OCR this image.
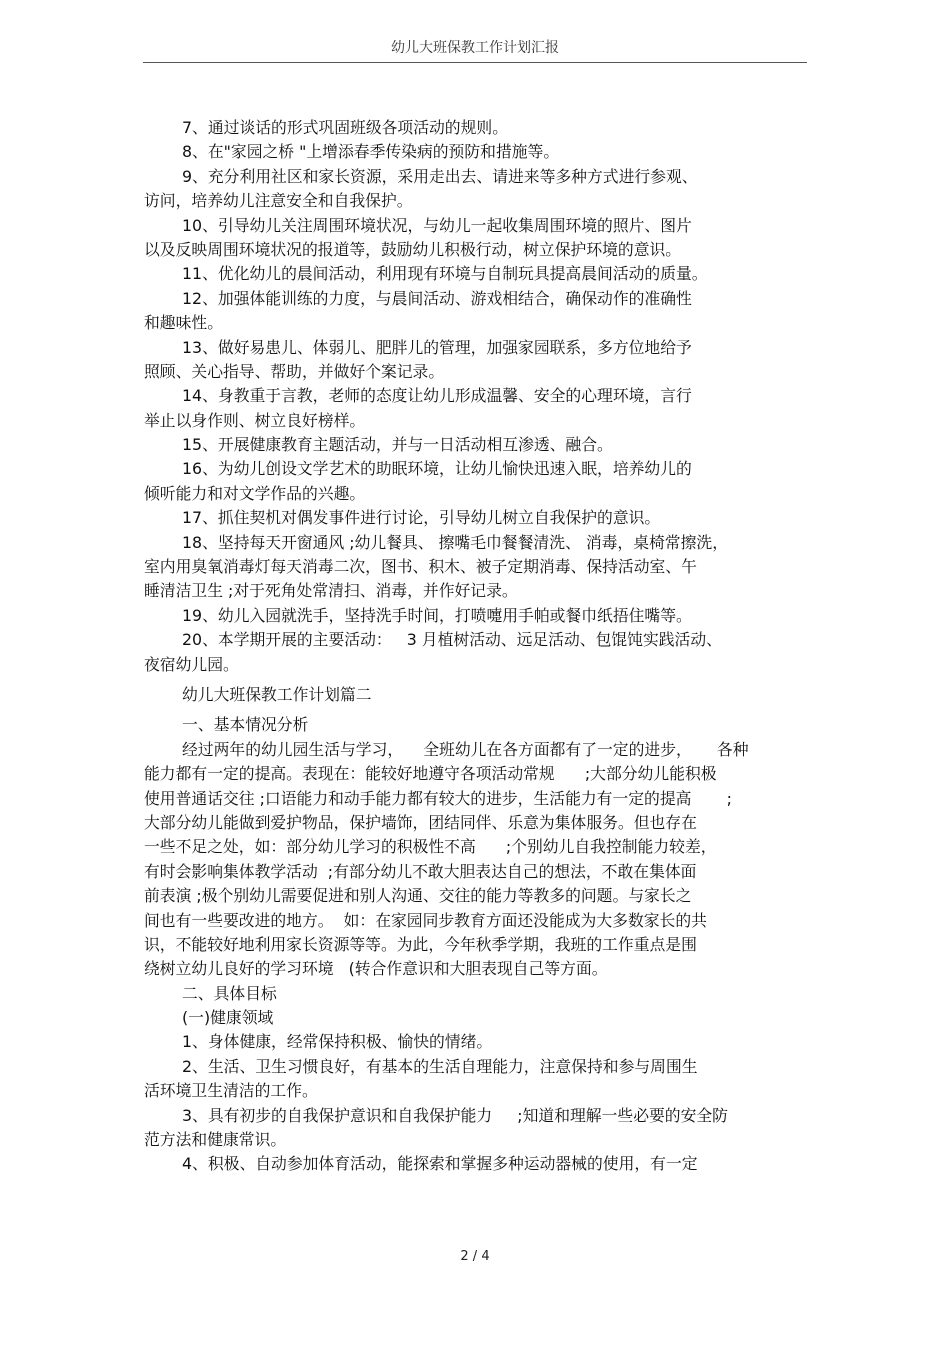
幼儿大班保教工作计划汇报
7、通过谈话的形式巩固班级各项活动的规则。
8、在"家园之桥 "上增添春季传染病的预防和措施等。
9、充分利用社区和家长资源，采用走出去、请进来等多种方式进行参观、
访问，培养幼儿注意安全和自我保护。
10、引导幼儿关注周围环境状况，与幼儿一起收集周围环境的照片、图片
以及反映周围环境状况的报道等，鼓励幼儿积极行动，树立保护环境的意识。
11、优化幼儿的晨间活动，利用现有环境与自制玩具提高晨间活动的质量。
12、加强体能训练的力度，与晨间活动、游戏相结合，确保动作的准确性
和趣味性。
13、做好易患儿、体弱儿、肥胖儿的管理，加强家园联系，多方位地给予
照顾、关心指导、帮助，并做好个案记录。
14、身教重于言教，老师的态度让幼儿形成温馨、安全的心理环境，言行
举止以身作则、树立良好榜样。
15、开展健康教育主题活动，并与一日活动相互渗透、融合。
16、为幼儿创设文学艺术的助眠环境，让幼儿愉快迅速入眠，培养幼儿的
倾听能力和对文学作品的兴趣。
17、抓住契机对偶发事件进行讨论，引导幼儿树立自我保护的意识。
18、坚持每天开窗通风 ;幼儿餐具、 擦嘴毛巾餐餐清洗、 消毒，桌椅常擦洗，
室内用臭氧消毒灯每天消毒二次，图书、积木、被子定期消毒、保持活动室、午
睡清洁卫生 ;对于死角处常清扫、消毒，并作好记录。
19、幼儿入园就洗手，坚持洗手时间，打喷嚏用手帕或餐巾纸捂住嘴等。
20、本学期开展的主要活动：   3 月植树活动、远足活动、包馄饨实践活动、
夜宿幼儿园。
幼儿大班保教工作计划篇二
一、基本情况分析
经过两年的幼儿园生活与学习，    全班幼儿在各方面都有了一定的进步，     各种
能力都有一定的提高。表现在：能较好地遵守各项活动常规      ;大部分幼儿能积极
使用普通话交往 ;口语能力和动手能力都有较大的进步，生活能力有一定的提高       ;
大部分幼儿能做到爱护物品，保护墙饰，团结同伴、乐意为集体服务。但也存在
一些不足之处，如：部分幼儿学习的积极性不高      ;个别幼儿自我控制能力较差，
有时会影响集体教学活动  ;有部分幼儿不敢大胆表达自己的想法，不敢在集体面
前表演 ;极个别幼儿需要促进和别人沟通、交往的能力等教多的问题。与家长之
间也有一些要改进的地方。  如：在家园同步教育方面还没能成为大多数家长的共
识，不能较好地利用家长资源等等。为此，今年秋季学期，我班的工作重点是围
绕树立幼儿良好的学习环境   (转合作意识和大胆表现自己等方面。
二、具体目标
(一)健康领域
1、身体健康，经常保持积极、愉快的情绪。
2、生活、卫生习惯良好，有基本的生活自理能力，注意保持和参与周围生
活环境卫生清洁的工作。
3、具有初步的自我保护意识和自我保护能力     ;知道和理解一些必要的安全防
范方法和健康常识。
4、积极、自动参加体育活动，能探索和掌握多种运动器械的使用，有一定
2 / 4
